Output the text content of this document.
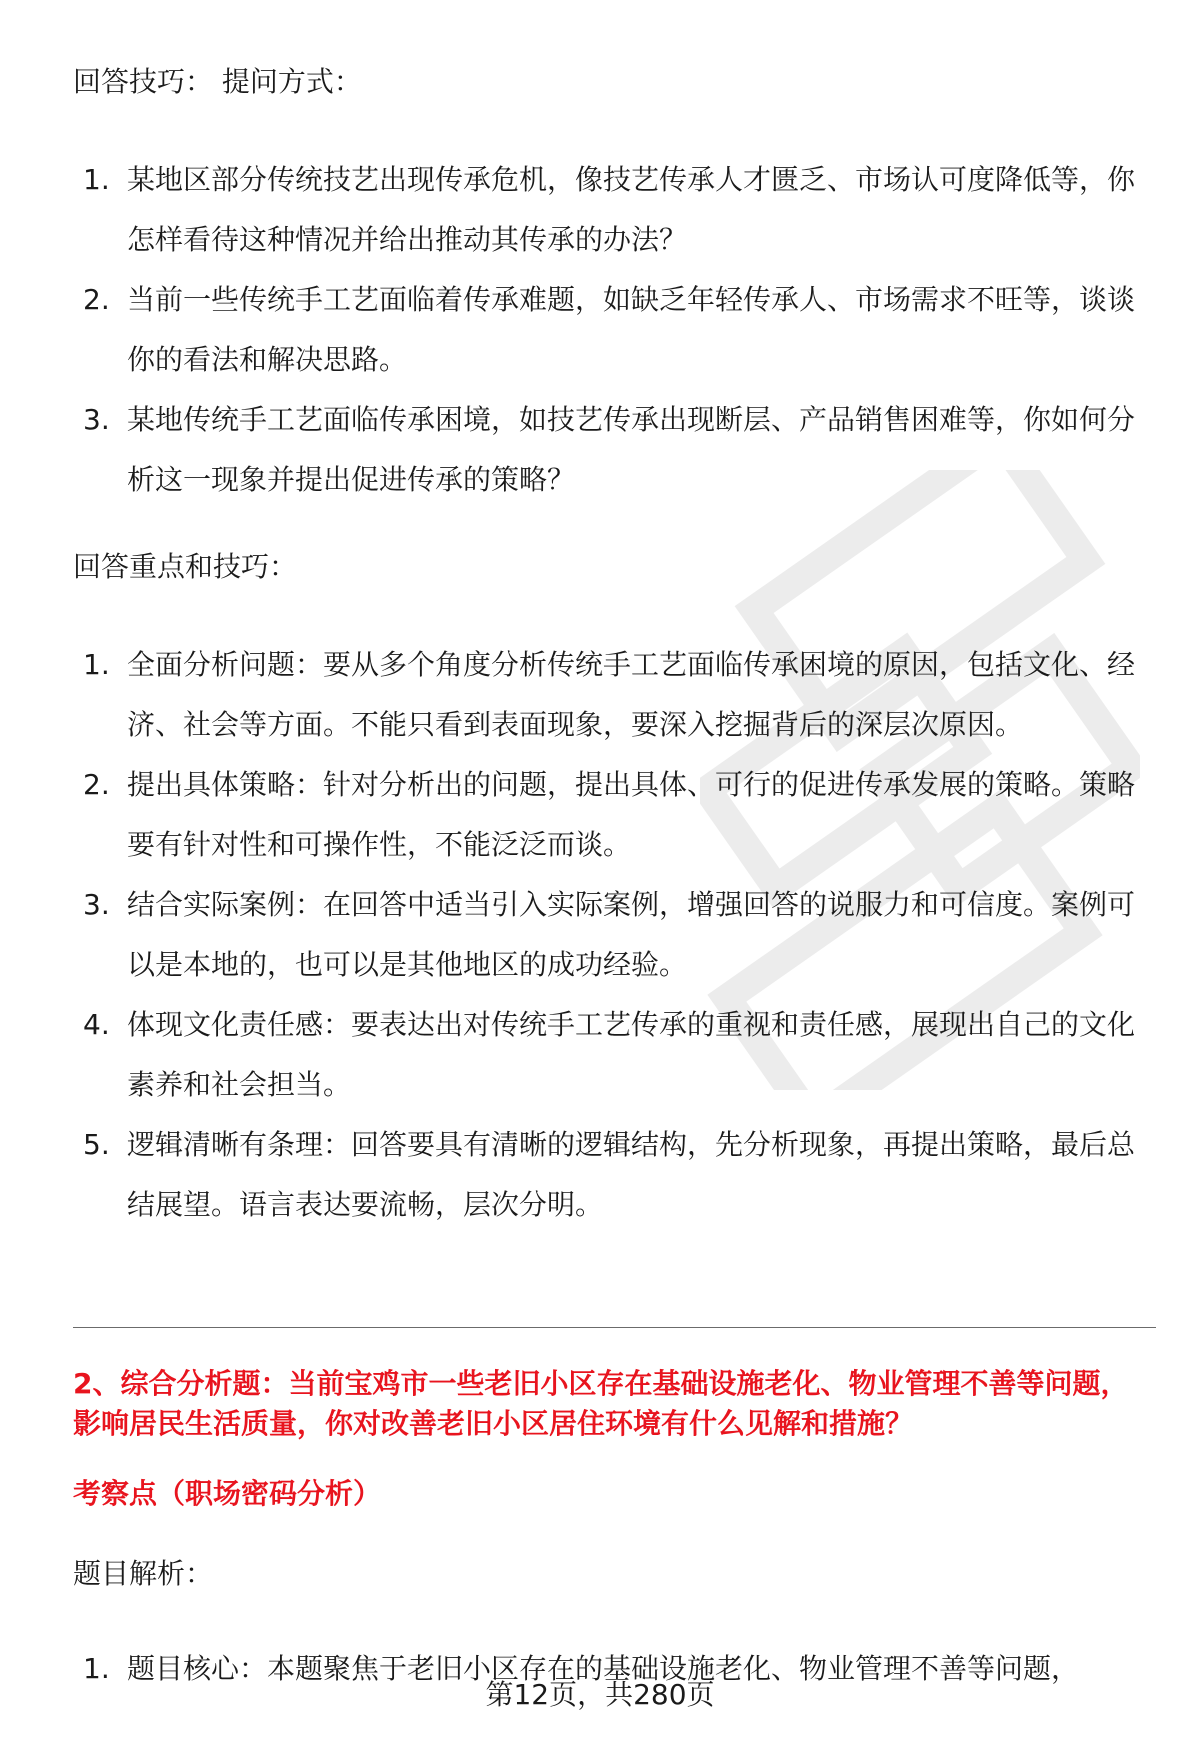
回答技巧： 提问方式：
1. 某地区部分传统技艺出现传承危机，像技艺传承人才匮乏、市场认可度降低等，你怎样看待这种情况并给出推动其传承的办法？
2. 当前一些传统手工艺面临着传承难题，如缺乏年轻传承人、市场需求不旺等，谈谈你的看法和解决思路。
3. 某地传统手工艺面临传承困境，如技艺传承出现断层、产品销售困难等，你如何分析这一现象并提出促进传承的策略？
回答重点和技巧：
1. 全面分析问题：要从多个角度分析传统手工艺面临传承困境的原因，包括文化、经济、社会等方面。不能只看到表面现象，要深入挖掘背后的深层次原因。
2. 提出具体策略：针对分析出的问题，提出具体、可行的促进传承发展的策略。策略要有针对性和可操作性，不能泛泛而谈。
3. 结合实际案例：在回答中适当引入实际案例，增强回答的说服力和可信度。案例可以是本地的，也可以是其他地区的成功经验。
4. 体现文化责任感：要表达出对传统手工艺传承的重视和责任感，展现出自己的文化素养和社会担当。
5. 逻辑清晰有条理：回答要具有清晰的逻辑结构，先分析现象，再提出策略，最后总结展望。语言表达要流畅，层次分明。
2、综合分析题：当前宝鸡市一些老旧小区存在基础设施老化、物业管理不善等问题，影响居民生活质量，你对改善老旧小区居住环境有什么见解和措施？
考察点（职场密码分析）
题目解析：
1. 题目核心：本题聚焦于老旧小区存在的基础设施老化、物业管理不善等问题，
第12页，共280页
